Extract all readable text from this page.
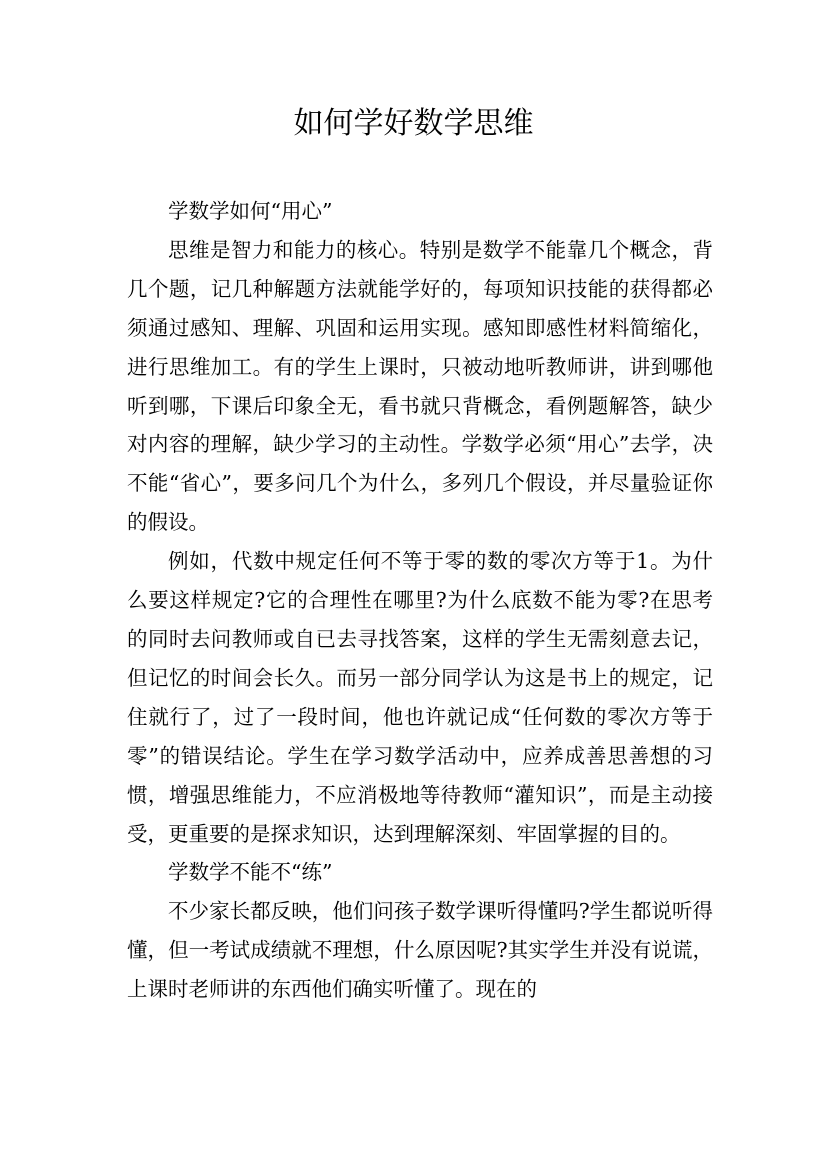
如何学好数学思维

学数学如何“用心”

思维是智力和能力的核心。特别是数学不能靠几个概念，背几个题，记几种解题方法就能学好的，每项知识技能的获得都必须通过感知、理解、巩固和运用实现。感知即感性材料简缩化，进行思维加工。有的学生上课时，只被动地听教师讲，讲到哪他听到哪，下课后印象全无，看书就只背概念，看例题解答，缺少对内容的理解，缺少学习的主动性。学数学必须“用心”去学，决不能“省心”，要多问几个为什么，多列几个假设，并尽量验证你的假设。

例如，代数中规定任何不等于零的数的零次方等于1。为什么要这样规定?它的合理性在哪里?为什么底数不能为零?在思考的同时去问教师或自已去寻找答案，这样的学生无需刻意去记，但记忆的时间会长久。而另一部分同学认为这是书上的规定，记住就行了，过了一段时间，他也许就记成“任何数的零次方等于零”的错误结论。学生在学习数学活动中，应养成善思善想的习惯，增强思维能力，不应消极地等待教师“灌知识”，而是主动接受，更重要的是探求知识，达到理解深刻、牢固掌握的目的。

学数学不能不“练”

不少家长都反映，他们问孩子数学课听得懂吗?学生都说听得懂，但一考试成绩就不理想，什么原因呢?其实学生并没有说谎，上课时老师讲的东西他们确实听懂了。现在的
